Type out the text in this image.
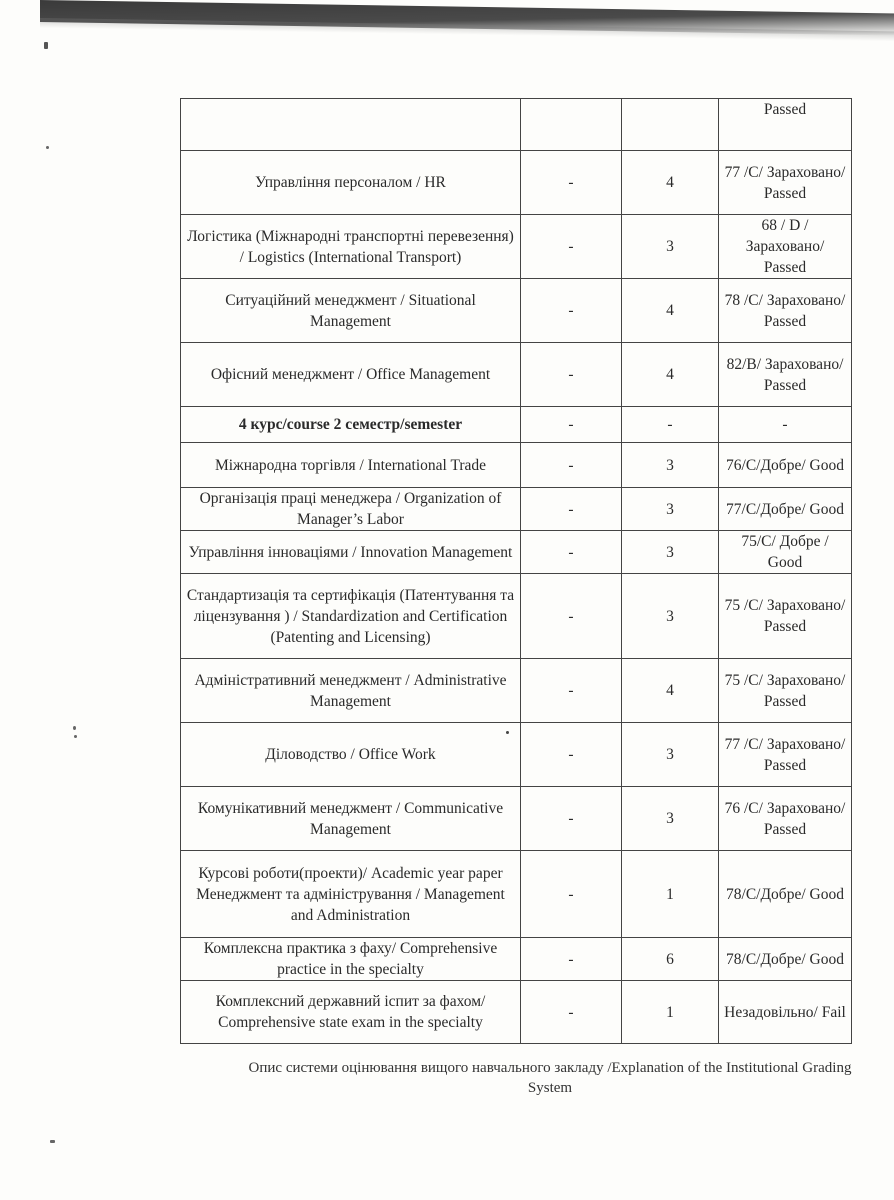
			Passed
Управління персоналом / HR	-	4	77 /C/ Зараховано/ Passed
Логістика (Міжнародні транспортні перевезення) / Logistics (International Transport)	-	3	68 / D / Зараховано/ Passed
Ситуаційний менеджмент / Situational Management	-	4	78 /C/ Зараховано/ Passed
Офісний менеджмент / Office Management	-	4	82/B/ Зараховано/ Passed
4 курс/course 2 семестр/semester	-	-	-
Міжнародна торгівля / International Trade	-	3	76/C/Добре/ Good
Організація праці менеджера / Organization of Manager’s Labor	-	3	77/C/Добре/ Good
Управління інноваціями / Innovation Management	-	3	75/C/ Добре / Good
Стандартизація та сертифікація (Патентування та ліцензування ) / Standardization and Certification (Patenting and Licensing)	-	3	75 /C/ Зараховано/ Passed
Адміністративний менеджмент / Administrative Management	-	4	75 /C/ Зараховано/ Passed
Діловодство / Office Work	-	3	77 /C/ Зараховано/ Passed
Комунікативний менеджмент / Communicative Management	-	3	76 /C/ Зараховано/ Passed
Курсові роботи(проекти)/ Academic year paper Менеджмент та адміністрування / Management and Administration	-	1	78/C/Добре/ Good
Комплексна практика з фаху/ Comprehensive practice in the specialty	-	6	78/C/Добре/ Good
Комплексний державний іспит за фахом/ Comprehensive state exam in the specialty	-	1	Незадовільно/ Fail
Опис системи оцінювання вищого навчального закладу /Explanation of the Institutional Grading System
